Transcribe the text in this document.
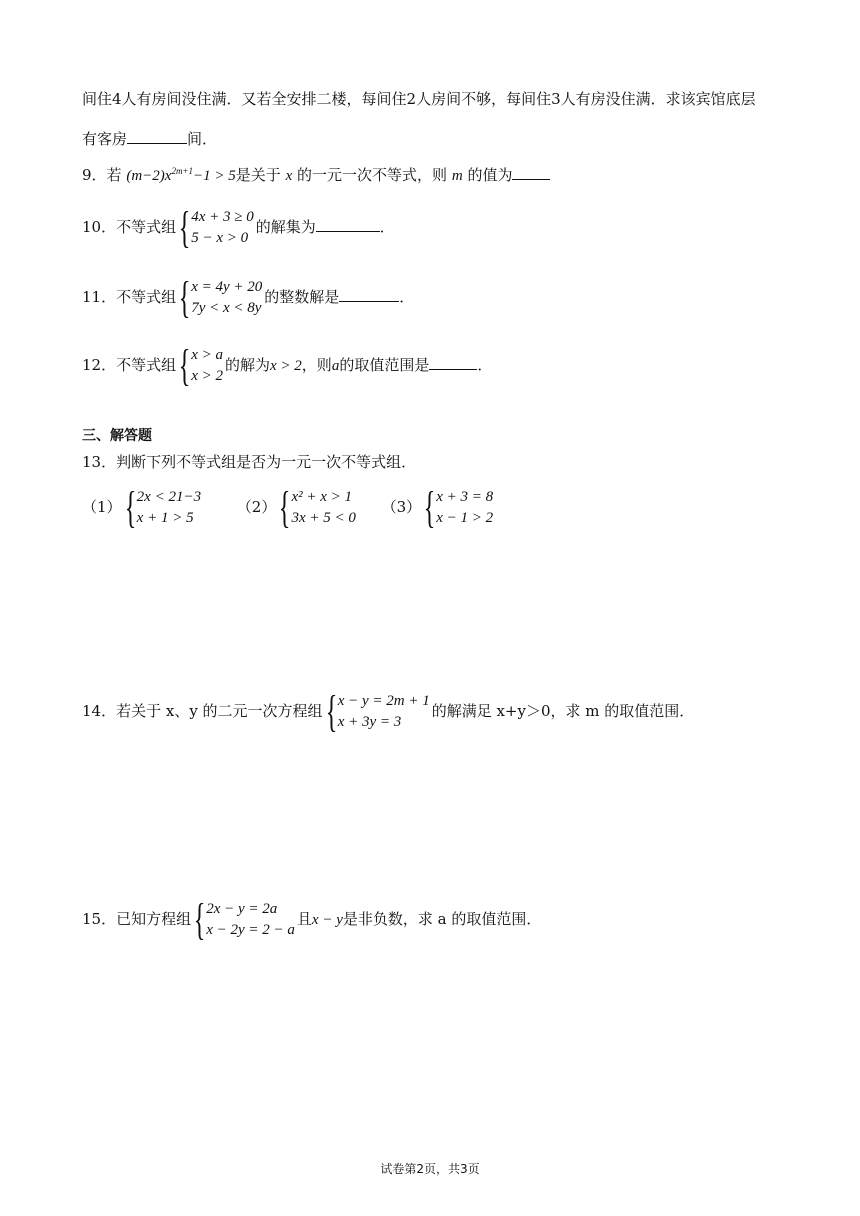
间住4人有房间没住满．又若全安排二楼，每间住2人房间不够，每间住3人有房没住满．求该宾馆底层
有客房	间．
9．若 $(m-2)x^{2m+1}-1 > 5$是关于 x 的一元一次不等式，则 m 的值为
10．不等式组 { 4x + 3 ≥ 0
5 − x > 0
的解集为	．
11．不等式组 { x = 4y + 20
7y < x < 8y
的整数解是	．
12．不等式组 { x > a
x > 2
的解为x > 2，则a的取值范围是	．
三、解答题
13．判断下列不等式组是否为一元一次不等式组．
（1） { 2x < 21−3
x + 1 > 5
（2） { x² + x > 1
3x + 5 < 0
（3） { x + 3 = 8
x − 1 > 2
14．若关于 x、y 的二元一次方程组 { x − y = 2m + 1
x + 3y = 3
的解满足 x+y＞0，求 m 的取值范围．
15．已知方程组 { 2x − y = 2a
x − 2y = 2 − a
且x − y是非负数，求 a 的取值范围．
试卷第2页，共3页
